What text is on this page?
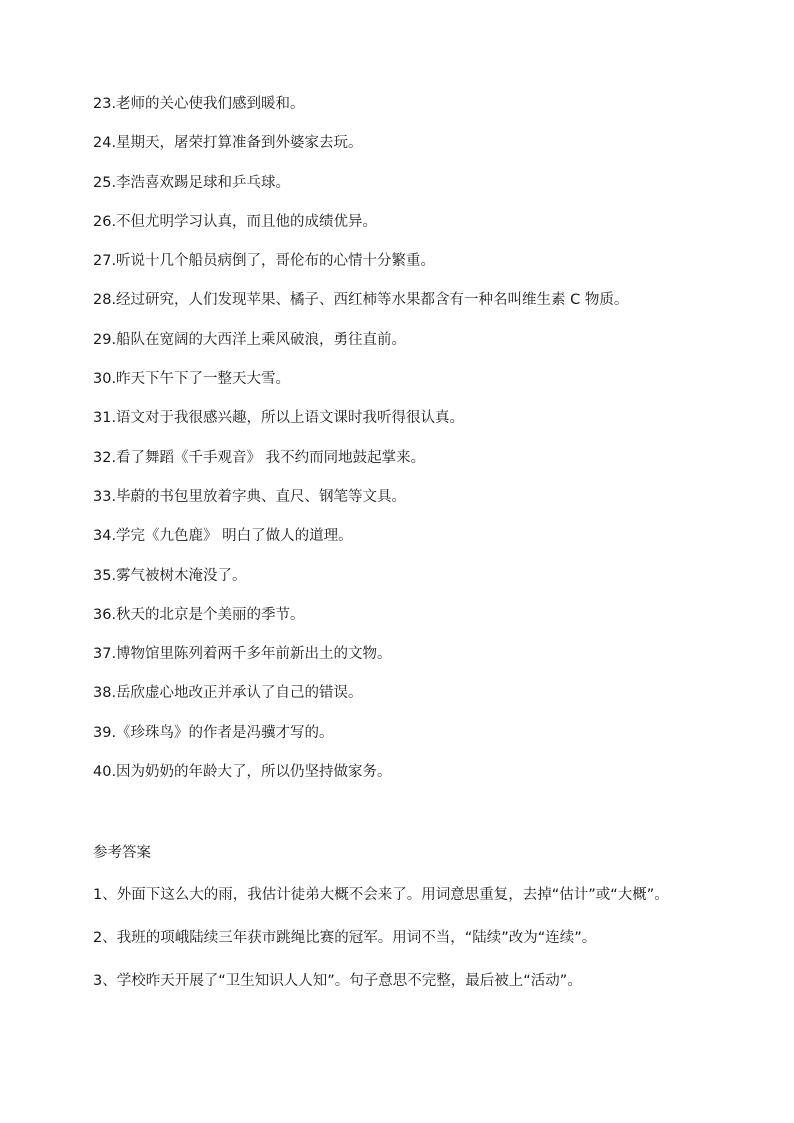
23.老师的关心使我们感到暖和。
24.星期天，屠荣打算准备到外婆家去玩。
25.李浩喜欢踢足球和乒乓球。
26.不但尤明学习认真，而且他的成绩优异。
27.听说十几个船员病倒了，哥伦布的心情十分繁重。
28.经过研究，人们发现苹果、橘子、西红柿等水果都含有一种名叫维生素 C 物质。
29.船队在宽阔的大西洋上乘风破浪，勇往直前。
30.昨天下午下了一整天大雪。
31.语文对于我很感兴趣，所以上语文课时我听得很认真。
32.看了舞蹈《千手观音》 我不约而同地鼓起掌来。
33.毕蔚的书包里放着字典、直尺、钢笔等文具。
34.学完《九色鹿》 明白了做人的道理。
35.雾气被树木淹没了。
36.秋天的北京是个美丽的季节。
37.博物馆里陈列着两千多年前新出土的文物。
38.岳欣虚心地改正并承认了自己的错误。
39.《珍珠鸟》的作者是冯骥才写的。
40.因为奶奶的年龄大了，所以仍坚持做家务。
参考答案
1、外面下这么大的雨，我估计徒弟大概不会来了。用词意思重复，去掉“估计”或“大概”。
2、我班的项峨陆续三年获市跳绳比赛的冠军。用词不当，“陆续”改为“连续”。
3、学校昨天开展了“卫生知识人人知”。句子意思不完整，最后被上“活动”。
